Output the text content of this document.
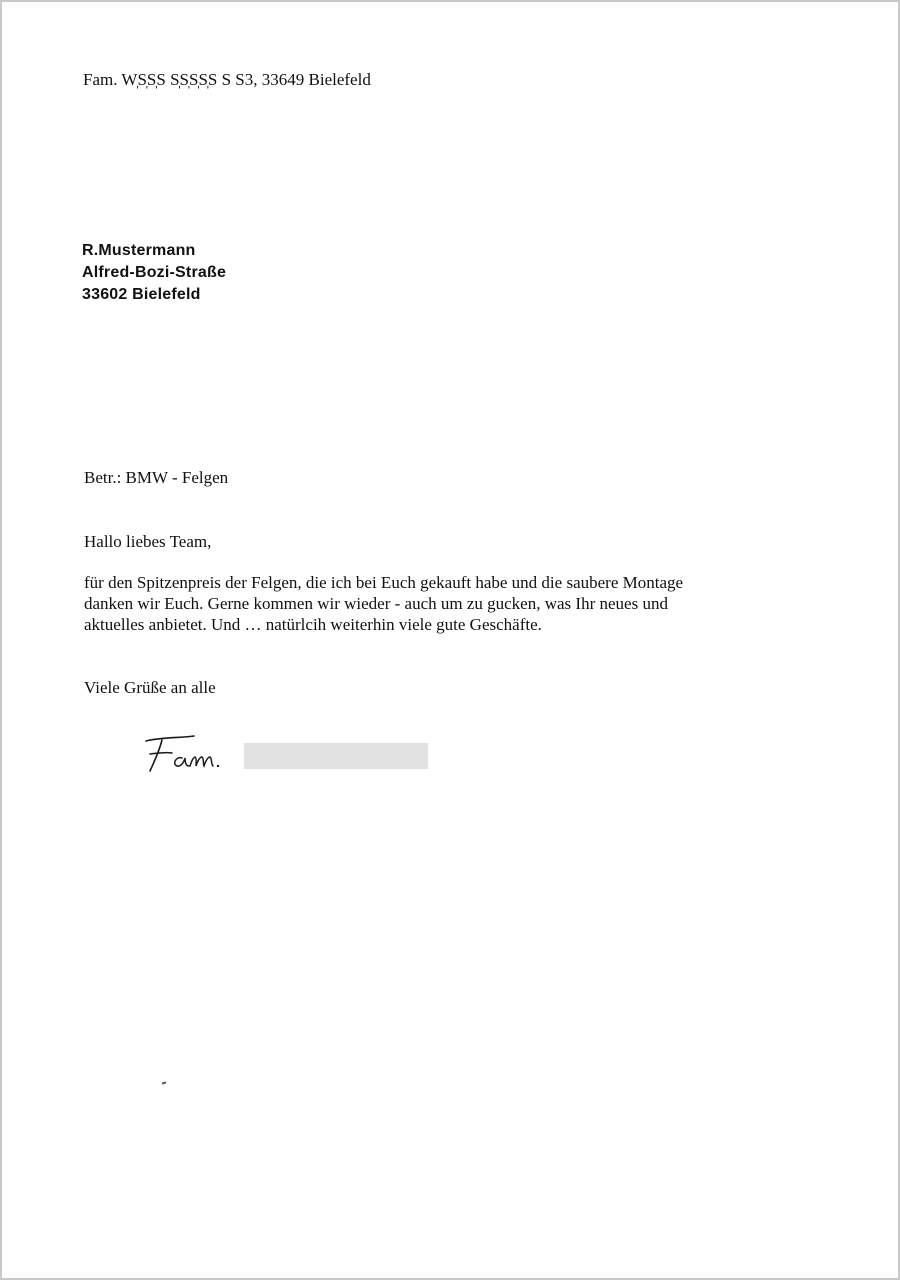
Fam. W̩S̩S̩S S̩S̩S̩S̩S S S3, 33649 Bielefeld
R.Mustermann
Alfred-Bozi-Straße
33602 Bielefeld
Betr.: BMW - Felgen
Hallo liebes Team,
für den Spitzenpreis der Felgen, die ich bei Euch gekauft habe und die saubere Montage
danken wir Euch. Gerne kommen wir wieder - auch um zu gucken, was Ihr neues und
aktuelles anbietet. Und … natürlcih weiterhin viele gute Geschäfte.
Viele Grüße an alle
